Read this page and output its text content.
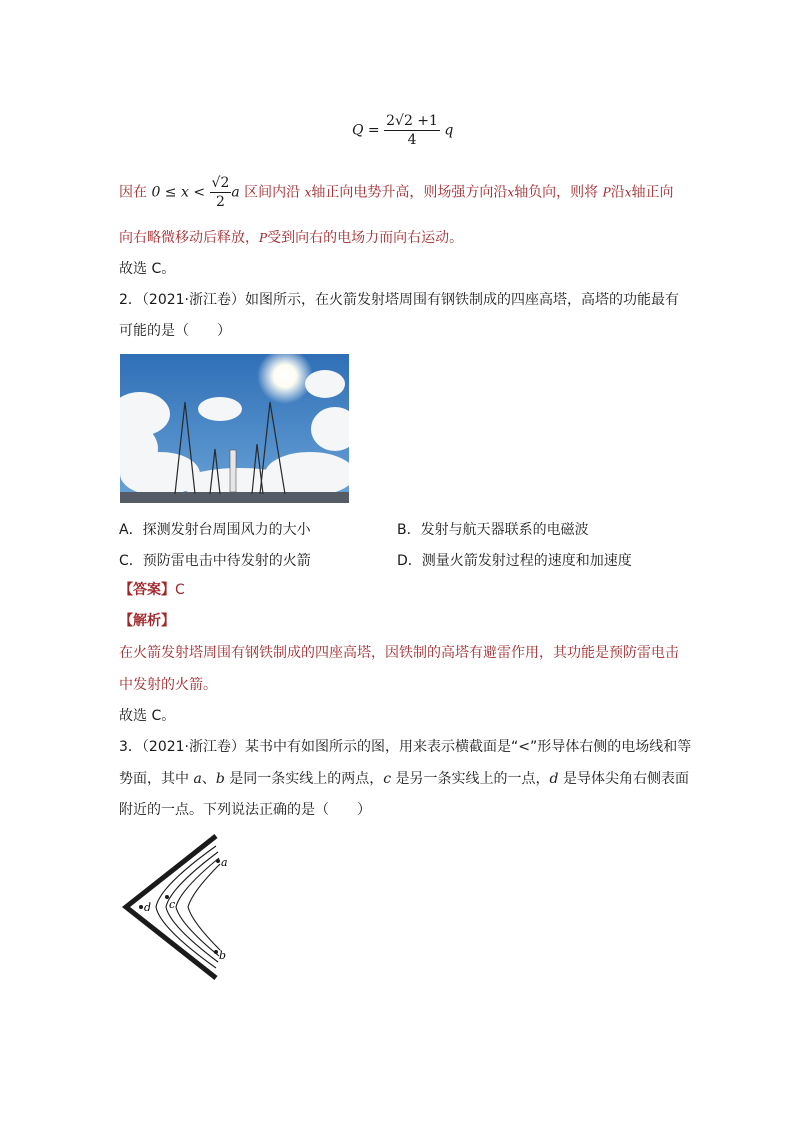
$Q = \frac{2√2 +1}{4}$ q
因在 $0 \le x < \frac{√2}{2}$ a 区间内沿 x轴正向电势升高，则场强方向沿x轴负向，则将 P沿x轴正向
向右略微移动后释放，P受到向右的电场力而向右运动。
故选 C。
2．（2021·浙江卷）如图所示，在火箭发射塔周围有钢铁制成的四座高塔，高塔的功能最有
可能的是（　　）
A．探测发射台周围风力的大小	B．发射与航天器联系的电磁波
C．预防雷电击中待发射的火箭	D．测量火箭发射过程的速度和加速度
【答案】C
【解析】
在火箭发射塔周围有钢铁制成的四座高塔，因铁制的高塔有避雷作用，其功能是预防雷电击
中发射的火箭。
故选 C。
3．（2021·浙江卷）某书中有如图所示的图，用来表示横截面是“<”形导体右侧的电场线和等
势面，其中 a、b 是同一条实线上的两点，c 是另一条实线上的一点，d 是导体尖角右侧表面
附近的一点。下列说法正确的是（　　）
a
b
c
d
